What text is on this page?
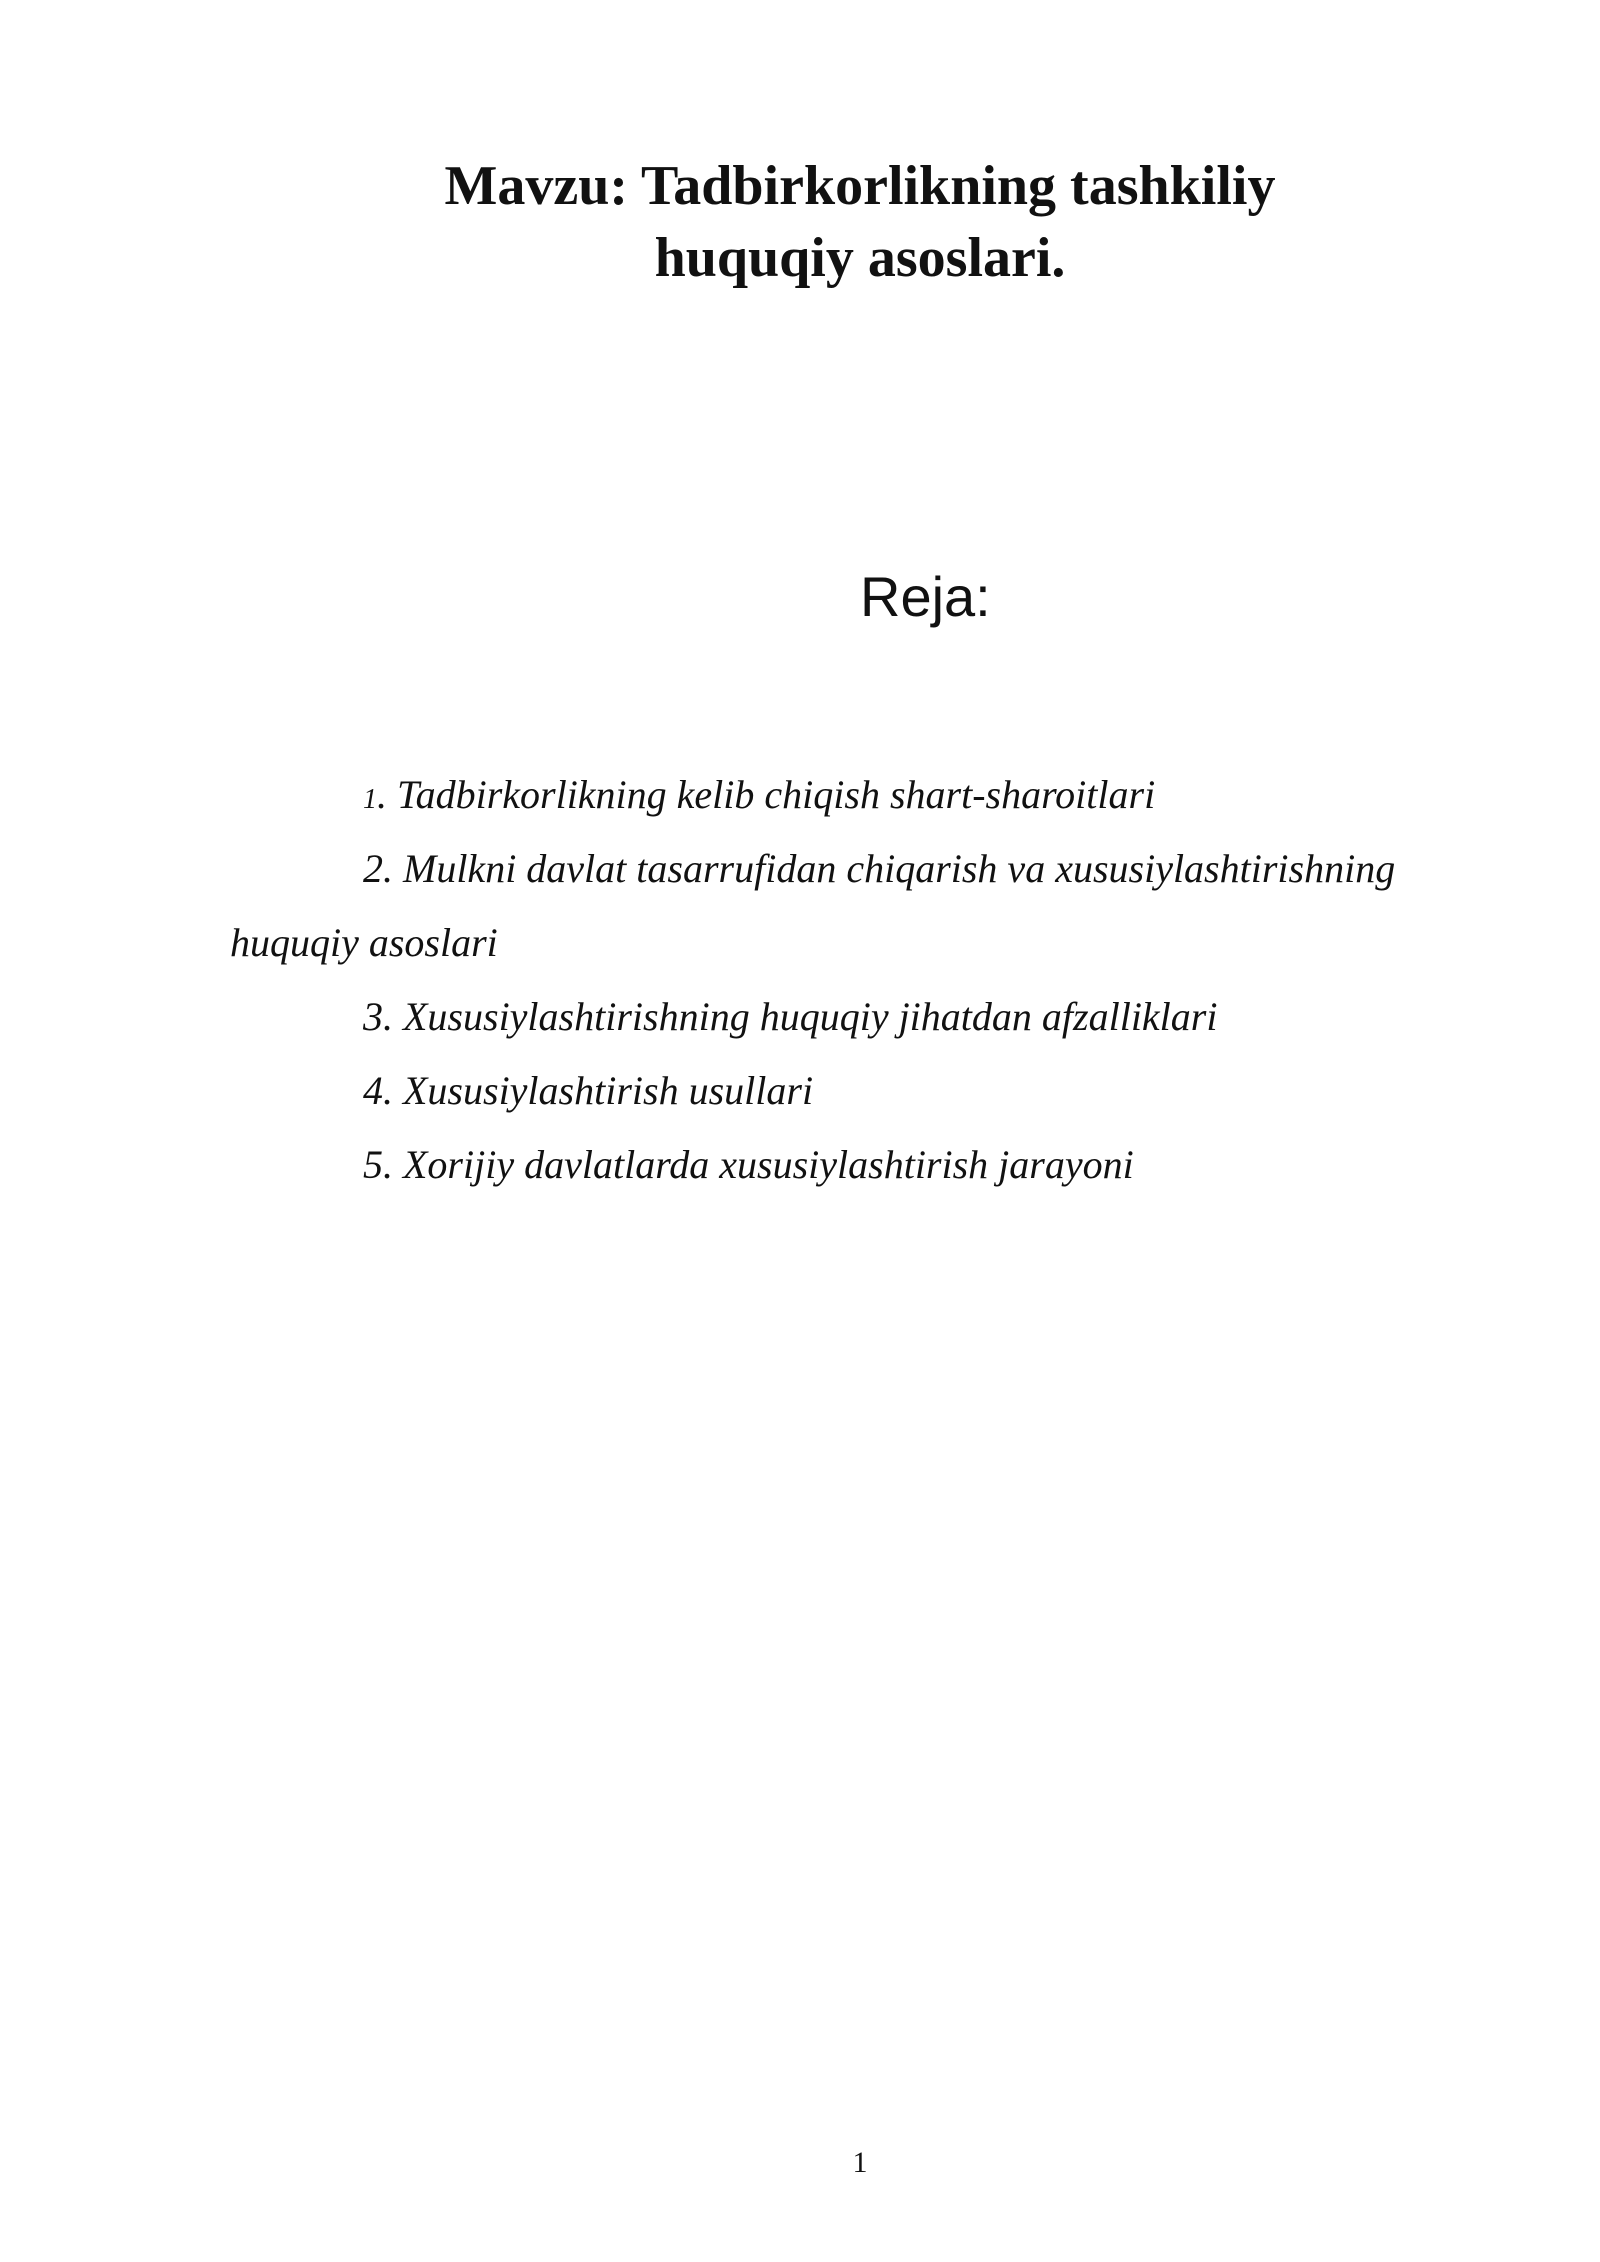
Mavzu: Tadbirkorlikning tashkiliy
huquqiy asoslari.
Reja:
1. Tadbirkorlikning kelib chiqish shart-sharoitlari
2. Mulkni davlat tasarrufidan chiqarish va xususiylashtirishning
huquqiy asoslari
3. Xususiylashtirishning huquqiy jihatdan afzalliklari
4. Xususiylashtirish usullari
5. Xorijiy davlatlarda xususiylashtirish jarayoni
1
